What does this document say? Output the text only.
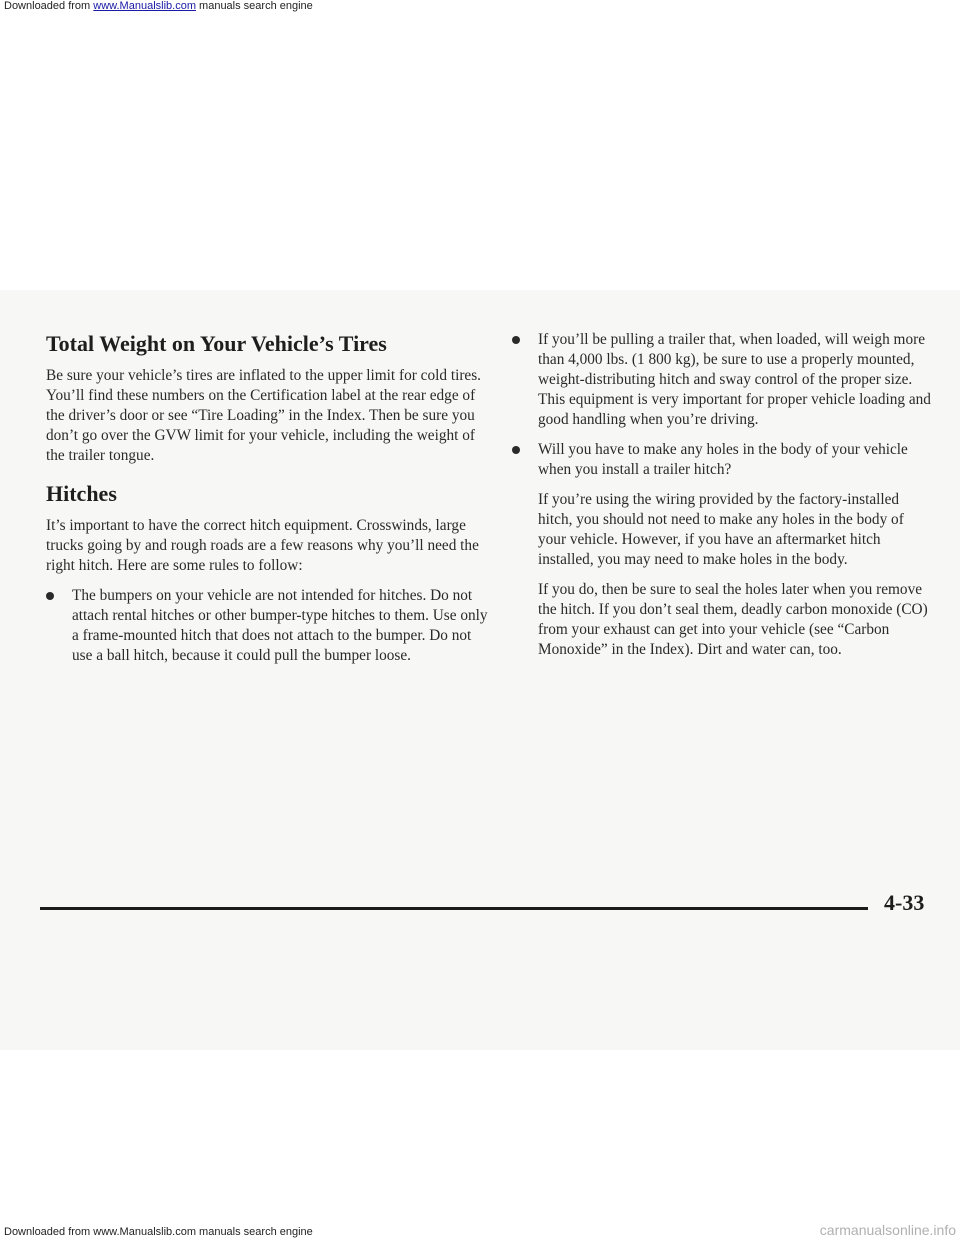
Downloaded from www.Manualslib.com manuals search engine
Total Weight on Your Vehicle’s Tires

Be sure your vehicle’s tires are inflated to the upper limit for cold tires. You’ll find these numbers on the Certification label at the rear edge of the driver’s door or see “Tire Loading” in the Index. Then be sure you don’t go over the GVW limit for your vehicle, including the weight of the trailer tongue.

Hitches

It’s important to have the correct hitch equipment. Crosswinds, large trucks going by and rough roads are a few reasons why you’ll need the right hitch. Here are some rules to follow:

The bumpers on your vehicle are not intended for hitches. Do not attach rental hitches or other bumper-type hitches to them. Use only a frame-mounted hitch that does not attach to the bumper. Do not use a ball hitch, because it could pull the bumper loose.
If you’ll be pulling a trailer that, when loaded, will weigh more than 4,000 lbs. (1 800 kg), be sure to use a properly mounted, weight-distributing hitch and sway control of the proper size. This equipment is very important for proper vehicle loading and good handling when you’re driving.
Will you have to make any holes in the body of your vehicle when you install a trailer hitch?

If you’re using the wiring provided by the factory-installed hitch, you should not need to make any holes in the body of your vehicle. However, if you have an aftermarket hitch installed, you may need to make holes in the body.

If you do, then be sure to seal the holes later when you remove the hitch. If you don’t seal them, deadly carbon monoxide (CO) from your exhaust can get into your vehicle (see “Carbon Monoxide” in the Index). Dirt and water can, too.

4-33
Downloaded from www.Manualslib.com manuals search engine	carmanualsonline.info
